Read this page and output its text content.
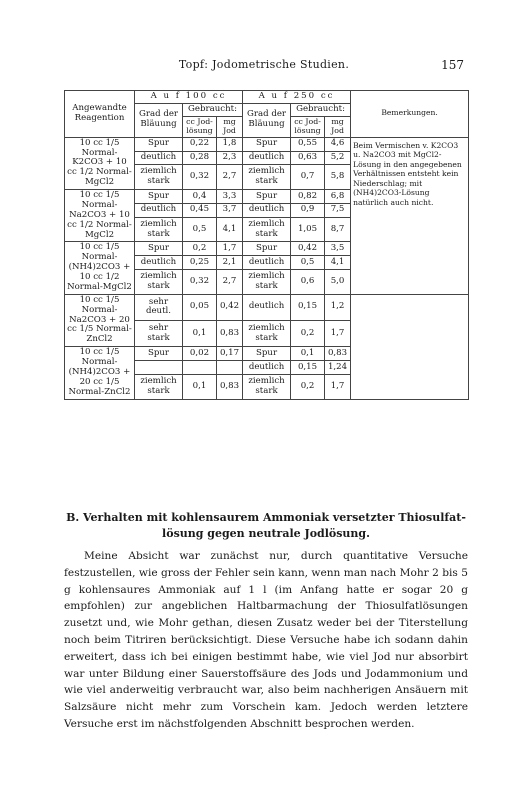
Topf: Jodometrische Studien.	157
Angewandte Reagention	A u f 100 cc			A u f 250 cc			Bemerkungen.
	Grad der Bläuung	Gebraucht:		Grad der Bläuung	Gebraucht:		
		cc Jod-lösung	mg Jod		cc Jod-lösung	mg Jod	
10 cc 1/5 Normal-K2CO3 + 10 cc 1/2 Normal-MgCl2	Spur	0,22	1,8	Spur	0,55	4,6	Beim Vermischen v. K2CO3 u. Na2CO3 mit MgCl2-Lösung in den angegebenen Verhältnissen entsteht kein Niederschlag; mit (NH4)2CO3-Lösung natürlich auch nicht.
	deutlich	0,28	2,3	deutlich	0,63	5,2	
	ziemlich stark	0,32	2,7	ziemlich stark	0,7	5,8	
10 cc 1/5 Normal-Na2CO3 + 10 cc 1/2 Normal-MgCl2	Spur	0,4	3,3	Spur	0,82	6,8	
	deutlich	0,45	3,7	deutlich	0,9	7,5	
	ziemlich stark	0,5	4,1	ziemlich stark	1,05	8,7	
10 cc 1/5 Normal-(NH4)2CO3 + 10 cc 1/2 Normal-MgCl2	Spur	0,2	1,7	Spur	0,42	3,5	
	deutlich	0,25	2,1	deutlich	0,5	4,1	
	ziemlich stark	0,32	2,7	ziemlich stark	0,6	5,0	
10 cc 1/5 Normal-Na2CO3 + 20 cc 1/5 Normal-ZnCl2	sehr deutl.	0,05	0,42	deutlich	0,15	1,2	
	sehr stark	0,1	0,83	ziemlich stark	0,2	1,7	
10 cc 1/5 Normal-(NH4)2CO3 + 20 cc 1/5 Normal-ZnCl2	Spur	0,02	0,17	Spur	0,1	0,83	
				deutlich	0,15	1,24	
	ziemlich stark	0,1	0,83	ziemlich stark	0,2	1,7	
B. Verhalten mit kohlensaurem Ammoniak versetzter Thiosulfat-
lösung gegen neutrale Jodlösung.

Meine Absicht war zunächst nur, durch quantitative Versuche festzustellen, wie gross der Fehler sein kann, wenn man nach Mohr 2 bis 5 g kohlensaures Ammoniak auf 1 l (im Anfang hatte er sogar 20 g empfohlen) zur angeblichen Haltbarmachung der Thiosulfatlösungen zusetzt und, wie Mohr gethan, diesen Zusatz weder bei der Titerstellung noch beim Titriren berücksichtigt. Diese Versuche habe ich sodann dahin erweitert, dass ich bei einigen bestimmt habe, wie viel Jod nur absorbirt war unter Bildung einer Sauerstoffsäure des Jods und Jodammonium und wie viel anderweitig verbraucht war, also beim nachherigen Ansäuern mit Salzsäure nicht mehr zum Vorschein kam. Jedoch werden letztere Versuche erst im nächstfolgenden Abschnitt besprochen werden.
